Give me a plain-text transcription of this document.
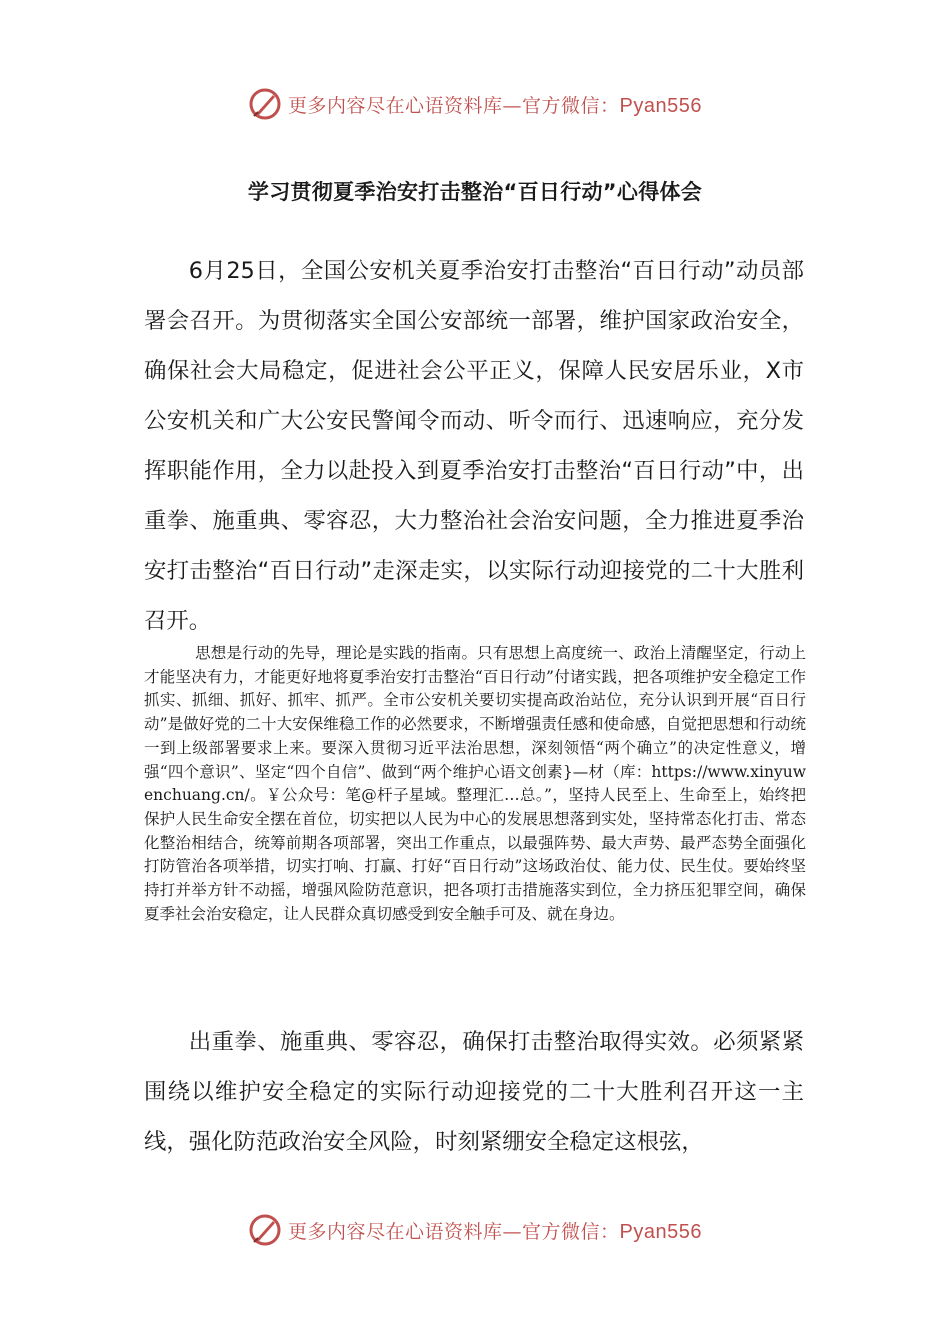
更多内容尽在心语资料库—官方微信：Pyan556
学习贯彻夏季治安打击整治“百日行动”心得体会

6月25日，全国公安机关夏季治安打击整治“百日行动”动员部署会召开。为贯彻落实全国公安部统一部署，维护国家政治安全，确保社会大局稳定，促进社会公平正义，保障人民安居乐业，X市公安机关和广大公安民警闻令而动、听令而行、迅速响应，充分发挥职能作用，全力以赴投入到夏季治安打击整治“百日行动”中，出重拳、施重典、零容忍，大力整治社会治安问题，全力推进夏季治安打击整治“百日行动”走深走实，以实际行动迎接党的二十大胜利召开。

思想是行动的先导，理论是实践的指南。只有思想上高度统一、政治上清醒坚定，行动上才能坚决有力，才能更好地将夏季治安打击整治“百日行动”付诸实践，把各项维护安全稳定工作抓实、抓细、抓好、抓牢、抓严。全市公安机关要切实提高政治站位，充分认识到开展“百日行动”是做好党的二十大安保维稳工作的必然要求，不断增强责任感和使命感，自觉把思想和行动统一到上级部署要求上来。要深入贯彻习近平法治思想，深刻领悟“两个确立”的决定性意义，增强“四个意识”、坚定“四个自信”、做到“两个维护心语文创素}—材（库：https://www.xinyuwenchuang.cn/。￥公众号：笔@杆子星域。整理汇…总。”，坚持人民至上、生命至上，始终把保护人民生命安全摆在首位，切实把以人民为中心的发展思想落到实处，坚持常态化打击、常态化整治相结合，统筹前期各项部署，突出工作重点，以最强阵势、最大声势、最严态势全面强化打防管治各项举措，切实打响、打赢、打好“百日行动”这场政治仗、能力仗、民生仗。要始终坚持打并举方针不动摇，增强风险防范意识，把各项打击措施落实到位，全力挤压犯罪空间，确保夏季社会治安稳定，让人民群众真切感受到安全触手可及、就在身边。

出重拳、施重典、零容忍，确保打击整治取得实效。必须紧紧围绕以维护安全稳定的实际行动迎接党的二十大胜利召开这一主线，强化防范政治安全风险，时刻紧绷安全稳定这根弦，

更多内容尽在心语资料库—官方微信：Pyan556
